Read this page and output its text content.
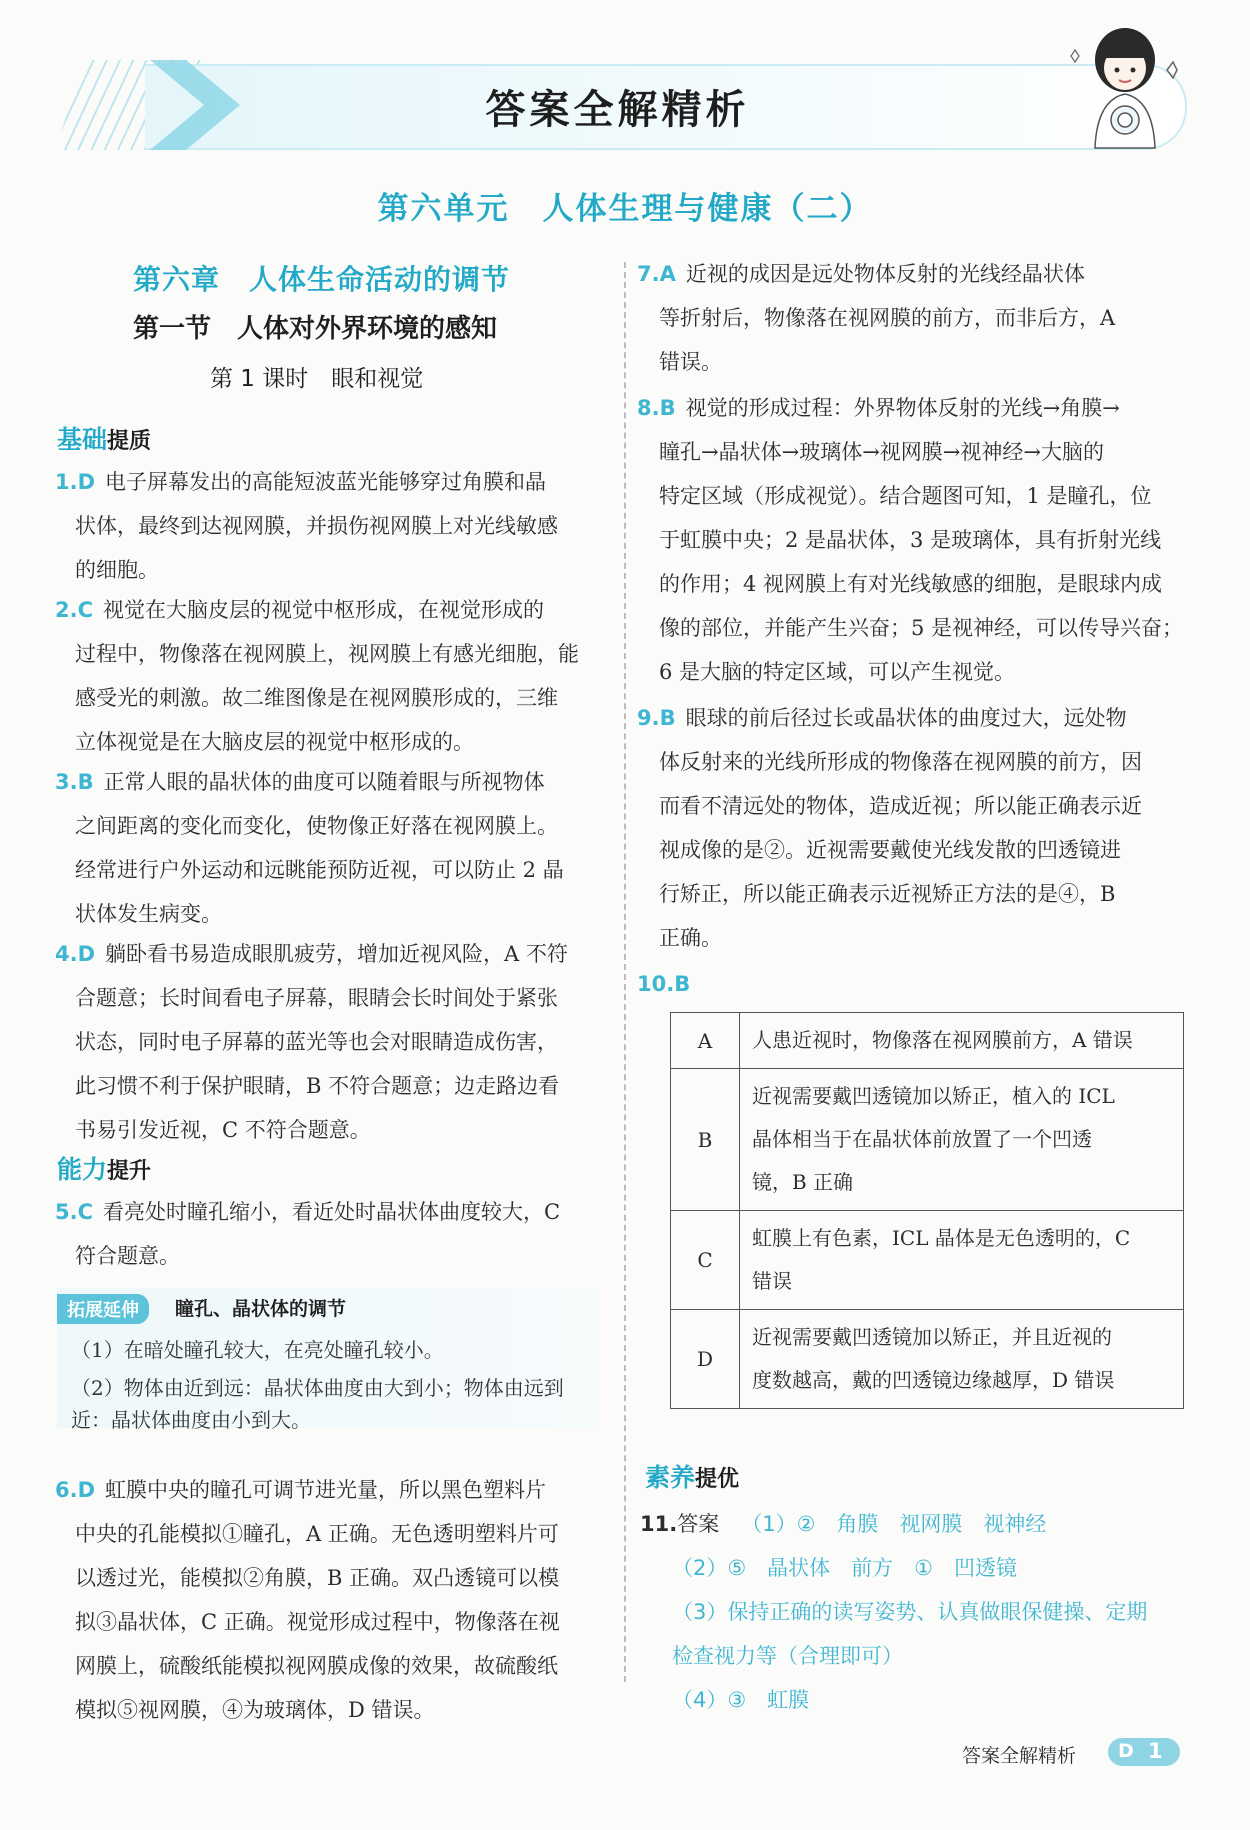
答案全解精析
第六单元　人体生理与健康（二）
第六章　人体生命活动的调节
第一节　人体对外界环境的感知
第 1 课时　眼和视觉
基础提质
1.D 电子屏幕发出的高能短波蓝光能够穿过角膜和晶
状体，最终到达视网膜，并损伤视网膜上对光线敏感
的细胞。
2.C 视觉在大脑皮层的视觉中枢形成，在视觉形成的
过程中，物像落在视网膜上，视网膜上有感光细胞，能
感受光的刺激。故二维图像是在视网膜形成的，三维
立体视觉是在大脑皮层的视觉中枢形成的。
3.B 正常人眼的晶状体的曲度可以随着眼与所视物体
之间距离的变化而变化，使物像正好落在视网膜上。
经常进行户外运动和远眺能预防近视，可以防止 2 晶
状体发生病变。
4.D 躺卧看书易造成眼肌疲劳，增加近视风险，A 不符
合题意；长时间看电子屏幕，眼睛会长时间处于紧张
状态，同时电子屏幕的蓝光等也会对眼睛造成伤害，
此习惯不利于保护眼睛，B 不符合题意；边走路边看
书易引发近视，C 不符合题意。
能力提升
5.C 看亮处时瞳孔缩小，看近处时晶状体曲度较大，C
符合题意。
拓展延伸	瞳孔、晶状体的调节
（1）在暗处瞳孔较大，在亮处瞳孔较小。
（2）物体由近到远：晶状体曲度由大到小；物体由远到
近：晶状体曲度由小到大。
6.D 虹膜中央的瞳孔可调节进光量，所以黑色塑料片
中央的孔能模拟①瞳孔，A 正确。无色透明塑料片可
以透过光，能模拟②角膜，B 正确。双凸透镜可以模
拟③晶状体，C 正确。视觉形成过程中，物像落在视
网膜上，硫酸纸能模拟视网膜成像的效果，故硫酸纸
模拟⑤视网膜，④为玻璃体，D 错误。
7.A 近视的成因是远处物体反射的光线经晶状体
等折射后，物像落在视网膜的前方，而非后方，A
错误。
8.B 视觉的形成过程：外界物体反射的光线→角膜→
瞳孔→晶状体→玻璃体→视网膜→视神经→大脑的
特定区域（形成视觉）。结合题图可知，1 是瞳孔，位
于虹膜中央；2 是晶状体，3 是玻璃体，具有折射光线
的作用；4 视网膜上有对光线敏感的细胞，是眼球内成
像的部位，并能产生兴奋；5 是视神经，可以传导兴奋；
6 是大脑的特定区域，可以产生视觉。
9.B 眼球的前后径过长或晶状体的曲度过大，远处物
体反射来的光线所形成的物像落在视网膜的前方，因
而看不清远处的物体，造成近视；所以能正确表示近
视成像的是②。近视需要戴使光线发散的凹透镜进
行矫正，所以能正确表示近视矫正方法的是④，B
正确。
10.B
A	人患近视时，物像落在视网膜前方，A 错误

B	近视需要戴凹透镜加以矫正，植入的 ICL
晶体相当于在晶状体前放置了一个凹透
镜，B 正确

C	虹膜上有色素，ICL 晶体是无色透明的，C
错误

D	近视需要戴凹透镜加以矫正，并且近视的
度数越高，戴的凹透镜边缘越厚，D 错误
素养提优
11.答案 （1）②　角膜　视网膜　视神经
（2）⑤　晶状体　前方　①　凹透镜
（3）保持正确的读写姿势、认真做眼保健操、定期
检查视力等（合理即可）
（4）③　虹膜
答案全解精析 D 1
